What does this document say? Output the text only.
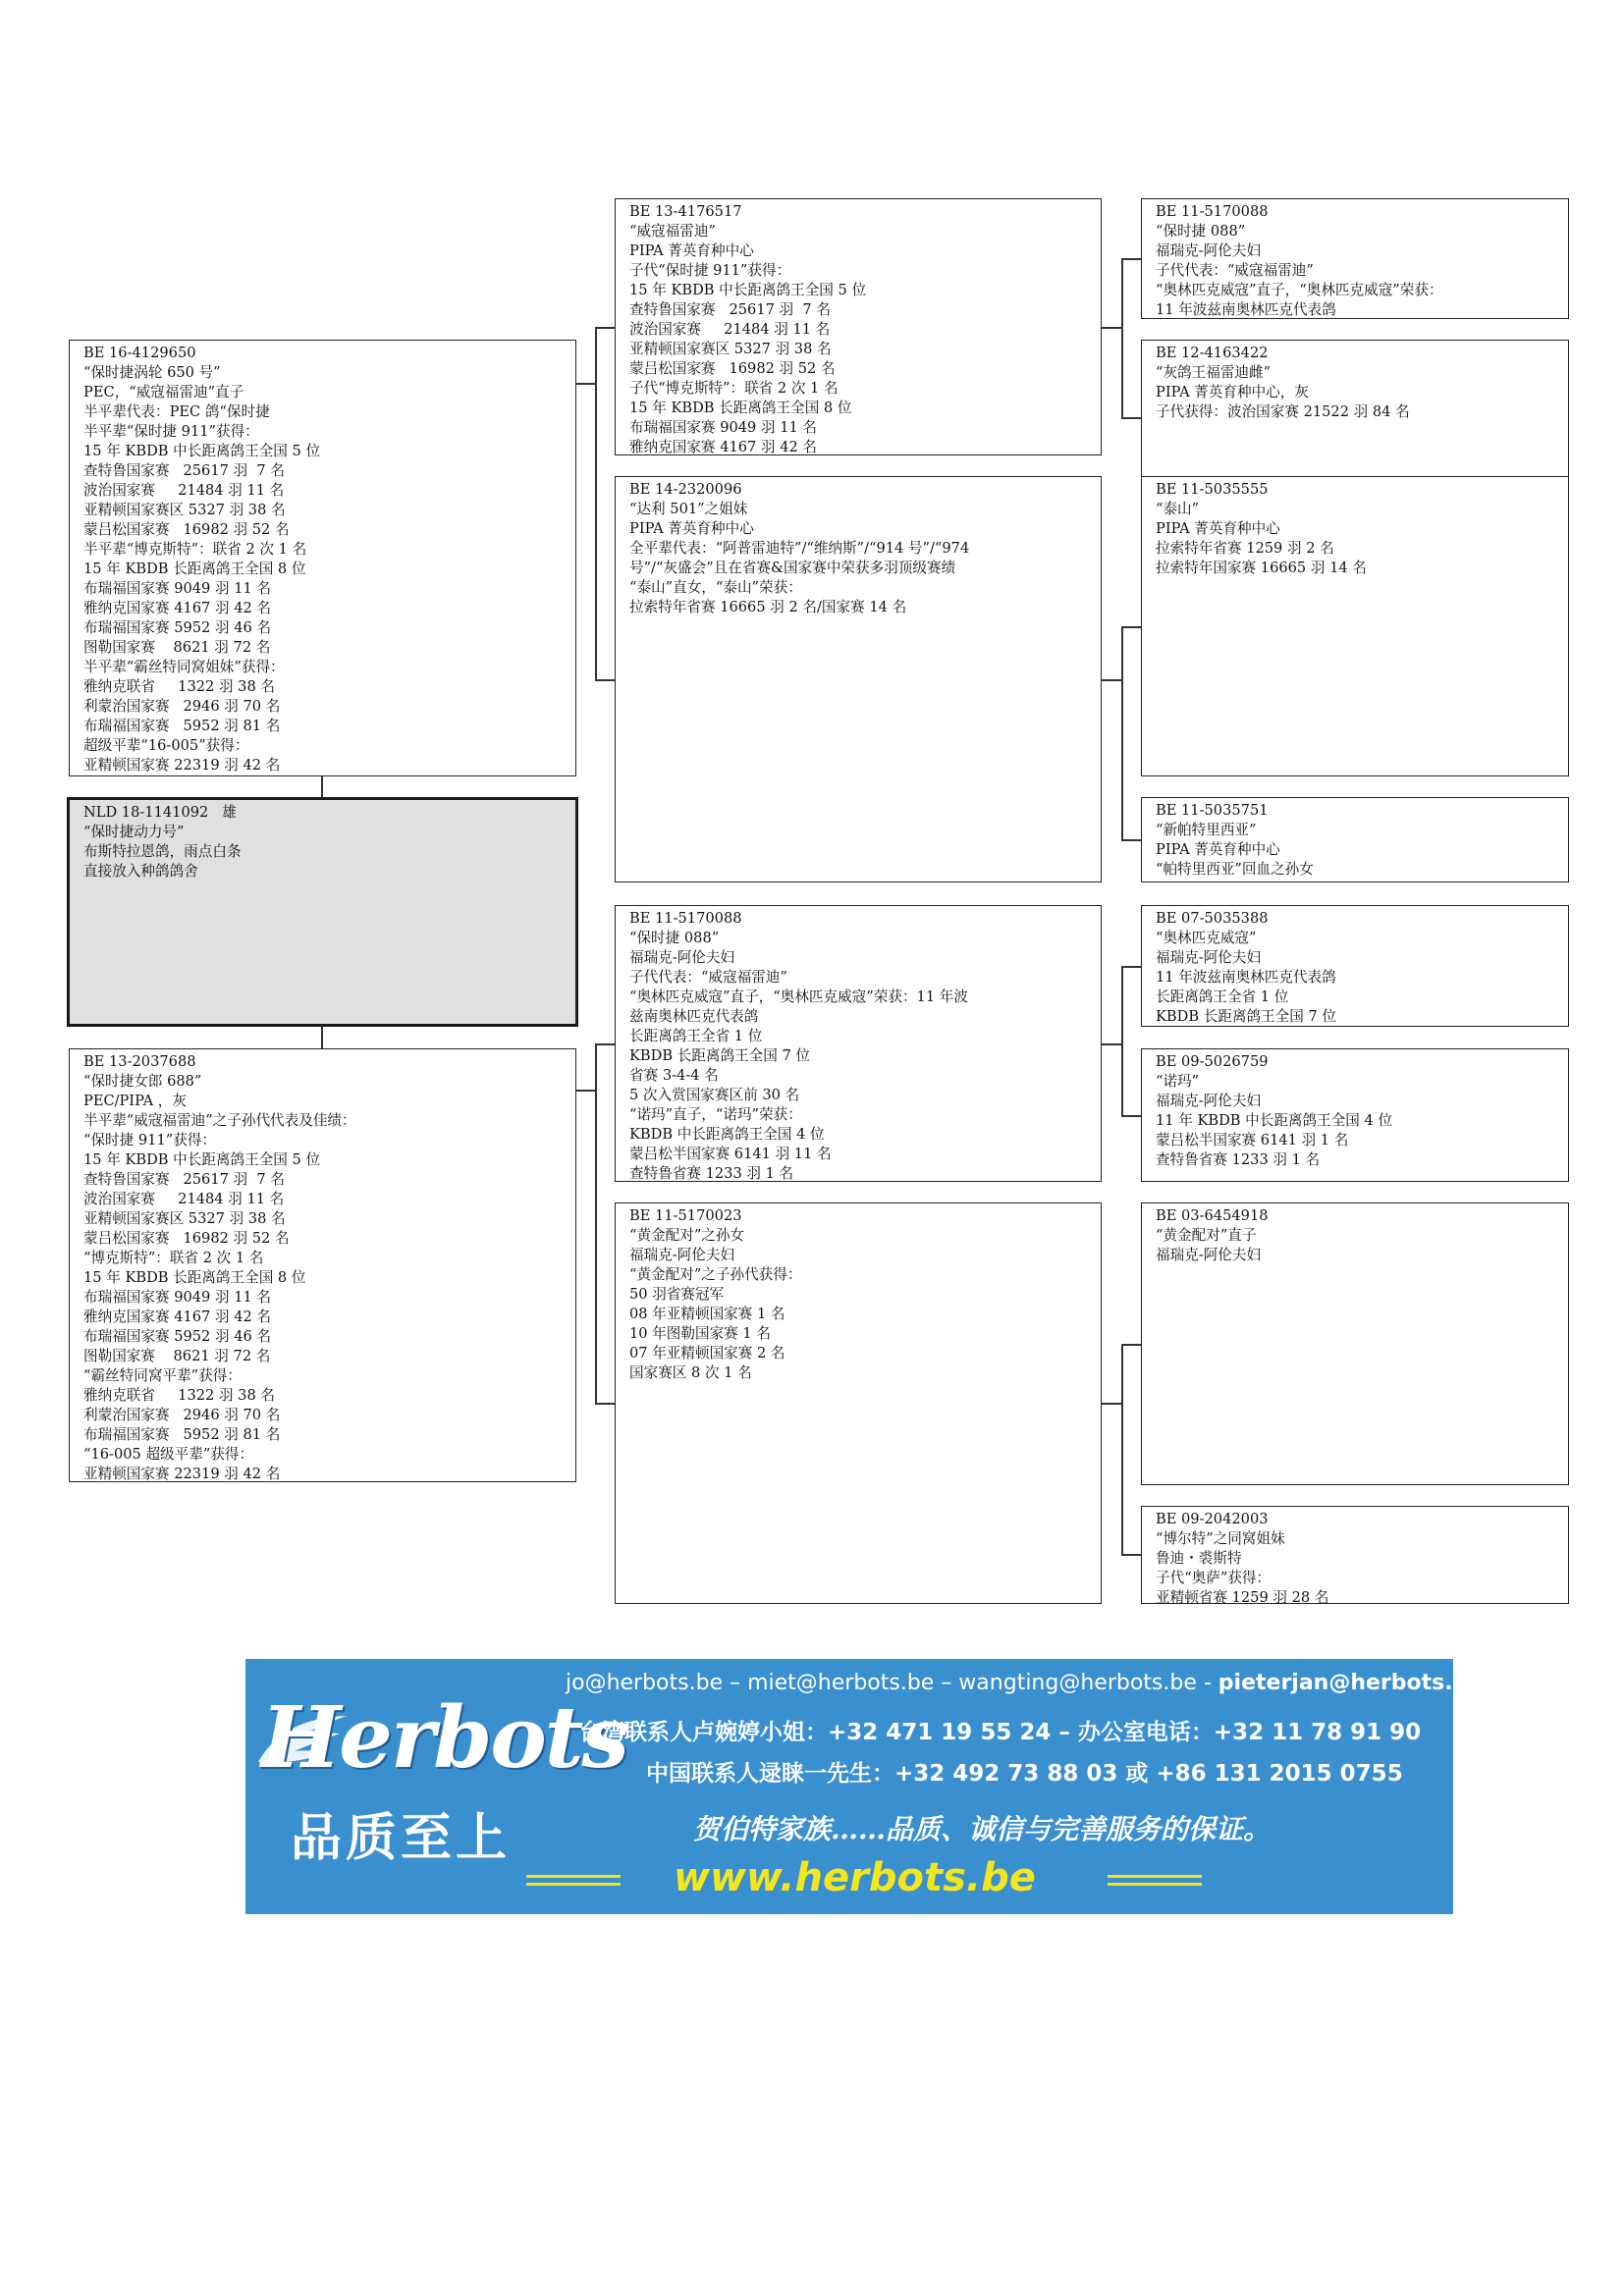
BE 16-4129650
“保时捷涡轮 650 号”
PEC，“威寇福雷迪”直子
半平辈代表：PEC 鸽“保时捷
半平辈“保时捷 911”获得：
15 年 KBDB 中长距离鸽王全国 5 位
查特鲁国家赛   25617 羽  7 名
波治国家赛     21484 羽 11 名
亚精顿国家赛区 5327 羽 38 名
蒙吕松国家赛   16982 羽 52 名
半平辈“博克斯特”：联省 2 次 1 名
15 年 KBDB 长距离鸽王全国 8 位
布瑞福国家赛 9049 羽 11 名
雅纳克国家赛 4167 羽 42 名
布瑞福国家赛 5952 羽 46 名
图勒国家赛    8621 羽 72 名
半平辈“霸丝特同窝姐妹”获得：
雅纳克联省     1322 羽 38 名
利蒙治国家赛   2946 羽 70 名
布瑞福国家赛   5952 羽 81 名
超级平辈“16-005”获得：
亚精顿国家赛 22319 羽 42 名
NLD 18-1141092   雄
“保时捷动力号”
布斯特拉恩鸽，雨点白条
直接放入种鸽鸽舍
BE 13-2037688
“保时捷女郎 688”
PEC/PIPA ，灰
半平辈“威寇福雷迪”之子孙代代表及佳绩：
“保时捷 911”获得：
15 年 KBDB 中长距离鸽王全国 5 位
查特鲁国家赛   25617 羽  7 名
波治国家赛     21484 羽 11 名
亚精顿国家赛区 5327 羽 38 名
蒙吕松国家赛   16982 羽 52 名
“博克斯特”：联省 2 次 1 名
15 年 KBDB 长距离鸽王全国 8 位
布瑞福国家赛 9049 羽 11 名
雅纳克国家赛 4167 羽 42 名
布瑞福国家赛 5952 羽 46 名
图勒国家赛    8621 羽 72 名
“霸丝特同窝平辈”获得：
雅纳克联省     1322 羽 38 名
利蒙治国家赛   2946 羽 70 名
布瑞福国家赛   5952 羽 81 名
“16-005 超级平辈”获得：
亚精顿国家赛 22319 羽 42 名
BE 13-4176517
“威寇福雷迪”
PIPA 菁英育种中心
子代“保时捷 911”获得：
15 年 KBDB 中长距离鸽王全国 5 位
查特鲁国家赛   25617 羽  7 名
波治国家赛     21484 羽 11 名
亚精顿国家赛区 5327 羽 38 名
蒙吕松国家赛   16982 羽 52 名
子代“博克斯特”：联省 2 次 1 名
15 年 KBDB 长距离鸽王全国 8 位
布瑞福国家赛 9049 羽 11 名
雅纳克国家赛 4167 羽 42 名
BE 14-2320096
“达利 501”之姐妹
PIPA 菁英育种中心
全平辈代表：“阿普雷迪特”/“维纳斯”/“914 号”/“974
号”/“灰盛会”且在省赛&国家赛中荣获多羽顶级赛绩
“泰山”直女，“泰山”荣获：
拉索特年省赛 16665 羽 2 名/国家赛 14 名
BE 11-5170088
“保时捷 088”
福瑞克-阿伦夫妇
子代代表：“威寇福雷迪”
“奥林匹克威寇”直子，“奥林匹克威寇”荣获：11 年波
兹南奥林匹克代表鸽
长距离鸽王全省 1 位
KBDB 长距离鸽王全国 7 位
省赛 3-4-4 名
5 次入赏国家赛区前 30 名
“诺玛”直子，“诺玛”荣获：
KBDB 中长距离鸽王全国 4 位
蒙吕松半国家赛 6141 羽 11 名
查特鲁省赛 1233 羽 1 名
BE 11-5170023
“黄金配对”之孙女
福瑞克-阿伦夫妇
“黄金配对”之子孙代获得：
50 羽省赛冠军
08 年亚精顿国家赛 1 名
10 年图勒国家赛 1 名
07 年亚精顿国家赛 2 名
国家赛区 8 次 1 名
BE 11-5170088
“保时捷 088”
福瑞克-阿伦夫妇
子代代表：“威寇福雷迪”
“奥林匹克威寇”直子，“奥林匹克威寇”荣获：
11 年波兹南奥林匹克代表鸽
BE 12-4163422
“灰鸽王福雷迪雌”
PIPA 菁英育种中心，灰
子代获得：波治国家赛 21522 羽 84 名
BE 11-5035555
“泰山”
PIPA 菁英育种中心
拉索特年省赛 1259 羽 2 名
拉索特年国家赛 16665 羽 14 名
BE 11-5035751
“新帕特里西亚”
PIPA 菁英育种中心
“帕特里西亚”回血之孙女
BE 07-5035388
“奥林匹克威寇”
福瑞克-阿伦夫妇
11 年波兹南奥林匹克代表鸽
长距离鸽王全省 1 位
KBDB 长距离鸽王全国 7 位
BE 09-5026759
“诺玛”
福瑞克-阿伦夫妇
11 年 KBDB 中长距离鸽王全国 4 位
蒙吕松半国家赛 6141 羽 1 名
查特鲁省赛 1233 羽 1 名
BE 03-6454918
“黄金配对”直子
福瑞克-阿伦夫妇
BE 09-2042003
“博尔特”之同窝姐妹
鲁迪・裘斯特
子代“奥萨”获得：
亚精顿省赛 1259 羽 28 名
Herbots
品质至上
jo@herbots.be – miet@herbots.be – wangting@herbots.be - pieterjan@herbots.be
台湾联系人卢婉婷小姐：+32 471 19 55 24 – 办公室电话：+32 11 78 91 90
中国联系人逯睐一先生：+32 492 73 88 03 或 +86 131 2015 0755
贺伯特家族……品质、诚信与完善服务的保证。
www.herbots.be
